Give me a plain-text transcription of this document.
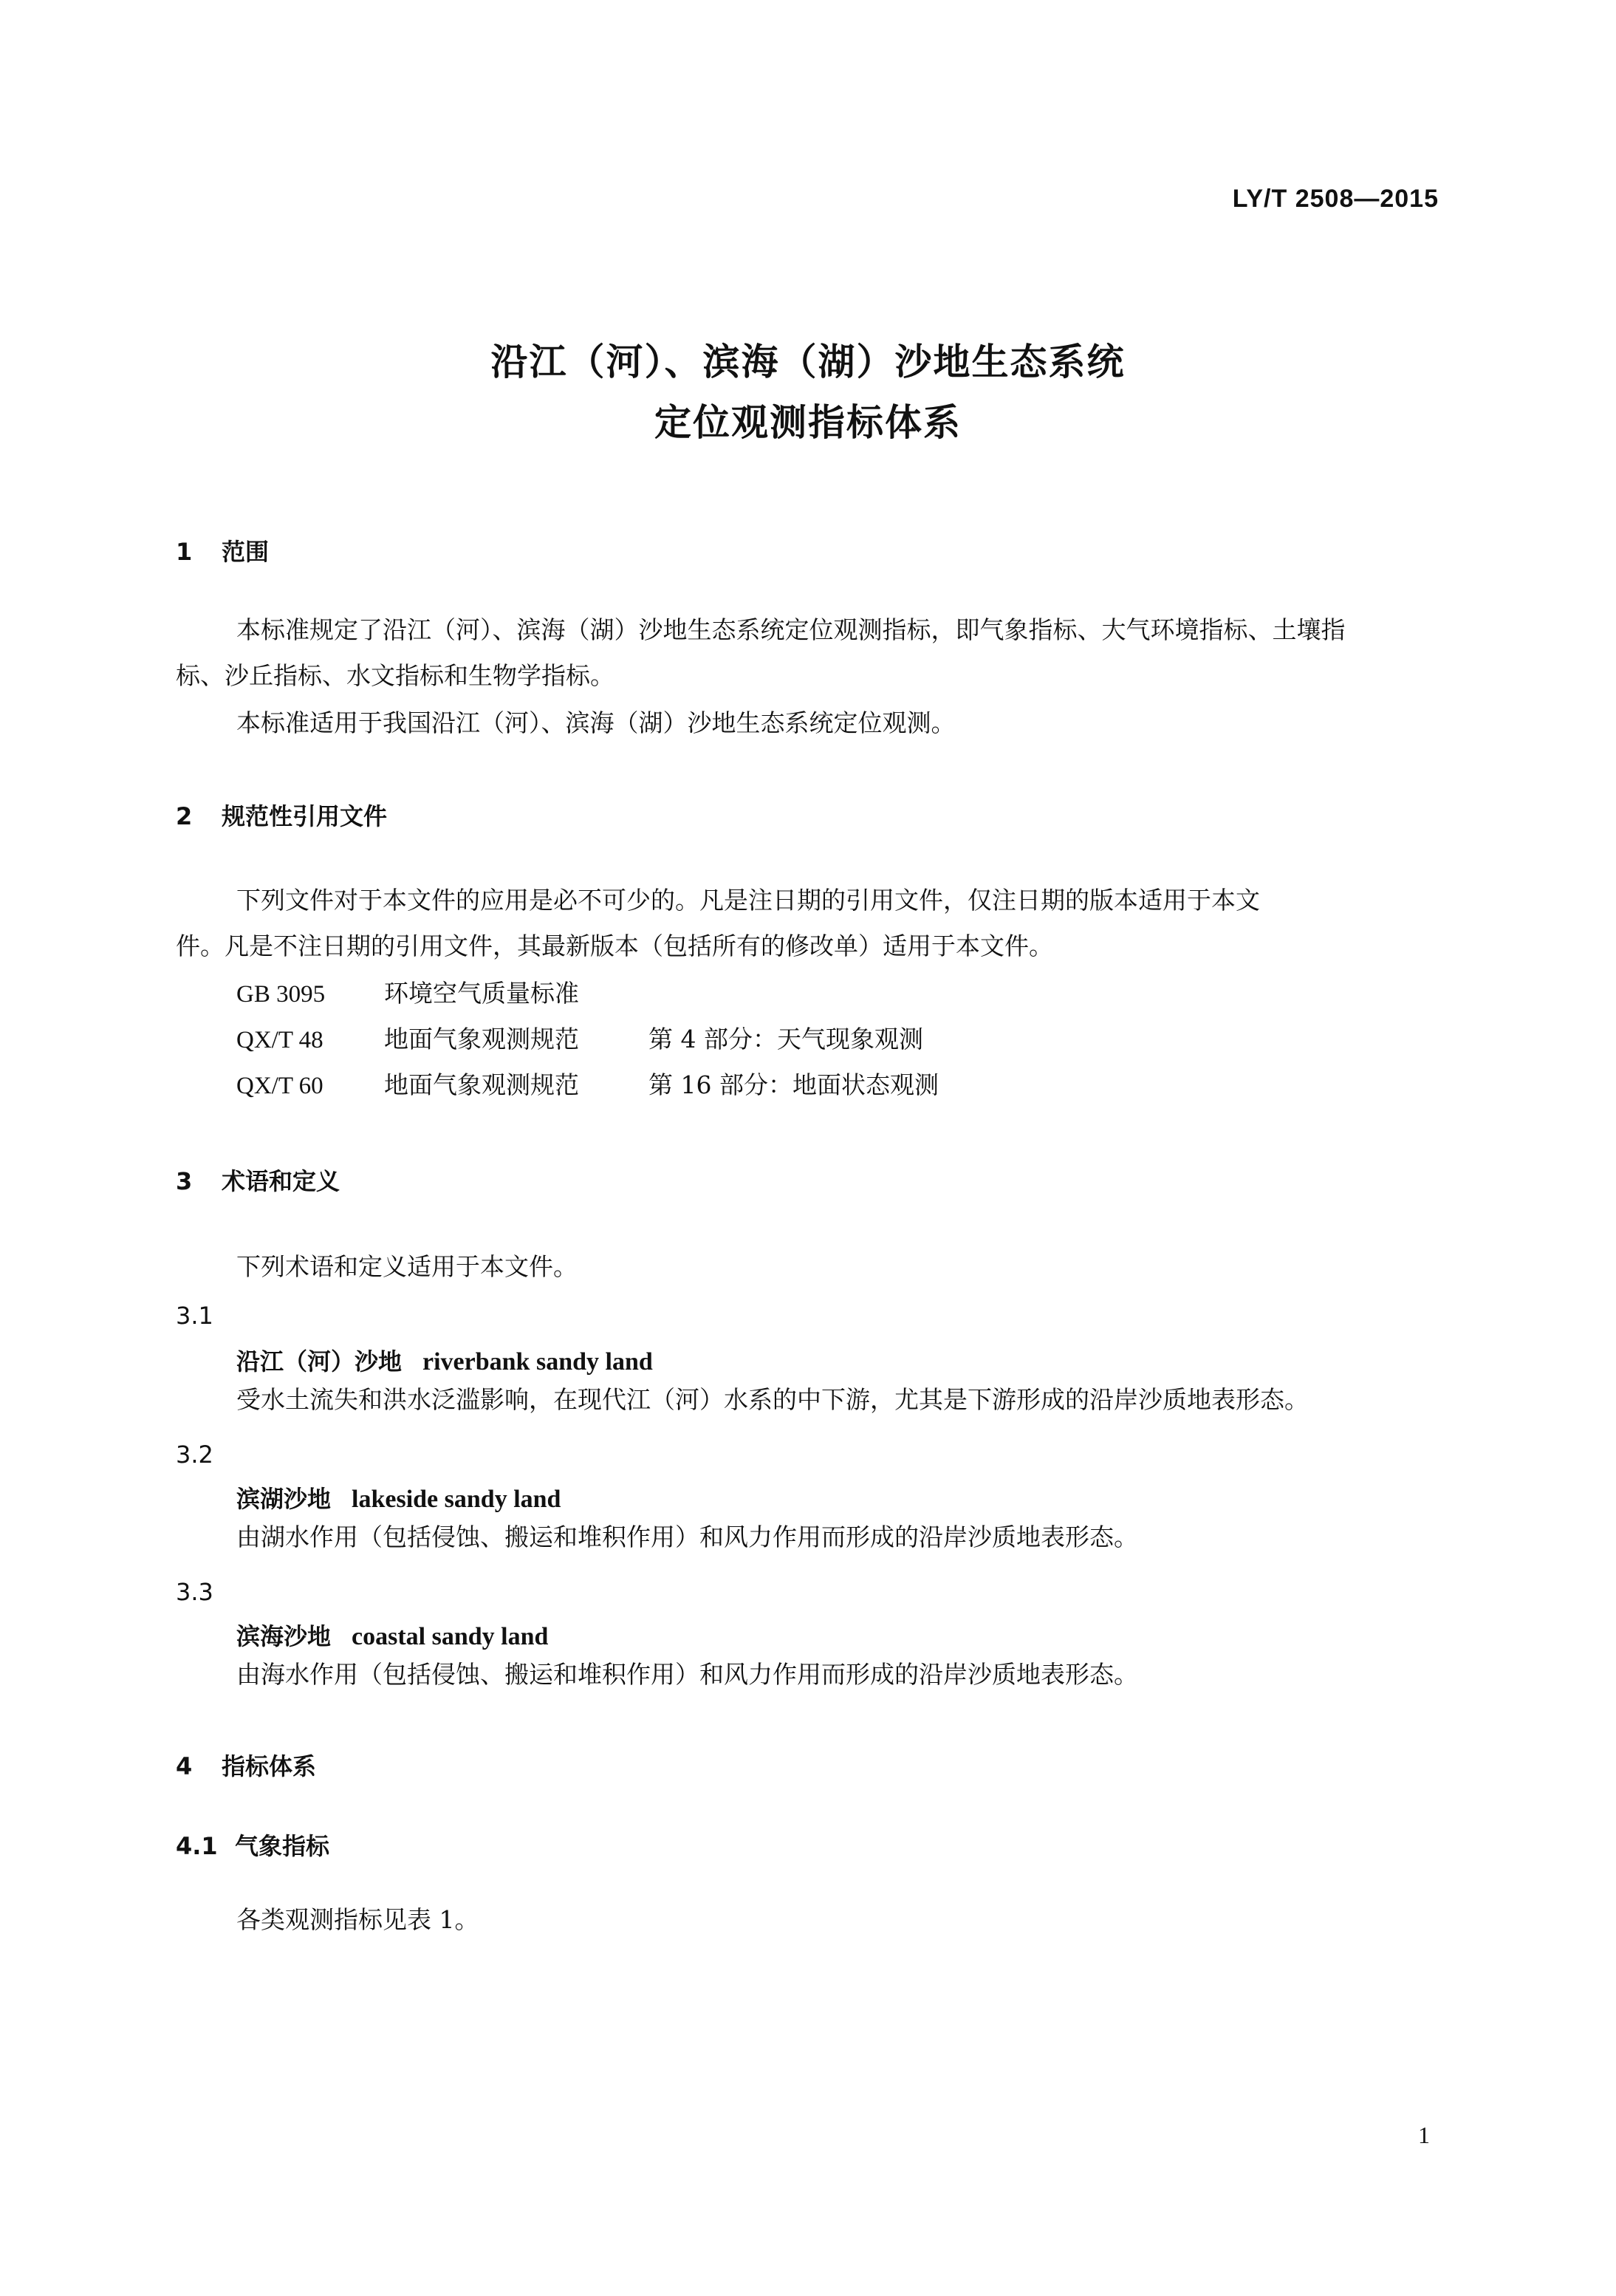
LY/T 2508—2015
沿江（河）、滨海（湖）沙地生态系统
定位观测指标体系
1 范围
本标准规定了沿江（河）、滨海（湖）沙地生态系统定位观测指标，即气象指标、大气环境指标、土壤指
标、沙丘指标、水文指标和生物学指标。
本标准适用于我国沿江（河）、滨海（湖）沙地生态系统定位观测。
2 规范性引用文件
下列文件对于本文件的应用是必不可少的。凡是注日期的引用文件，仅注日期的版本适用于本文
件。凡是不注日期的引用文件，其最新版本（包括所有的修改单）适用于本文件。
GB 3095 环境空气质量标准
QX/T 48 地面气象观测规范	第 4 部分：天气现象观测
QX/T 60 地面气象观测规范	第 16 部分：地面状态观测
3 术语和定义
下列术语和定义适用于本文件。
3.1
沿江（河）沙地 riverbank sandy land
受水土流失和洪水泛滥影响，在现代江（河）水系的中下游，尤其是下游形成的沿岸沙质地表形态。
3.2
滨湖沙地 lakeside sandy land
由湖水作用（包括侵蚀、搬运和堆积作用）和风力作用而形成的沿岸沙质地表形态。
3.3
滨海沙地 coastal sandy land
由海水作用（包括侵蚀、搬运和堆积作用）和风力作用而形成的沿岸沙质地表形态。
4 指标体系
4.1 气象指标
各类观测指标见表 1。
1
